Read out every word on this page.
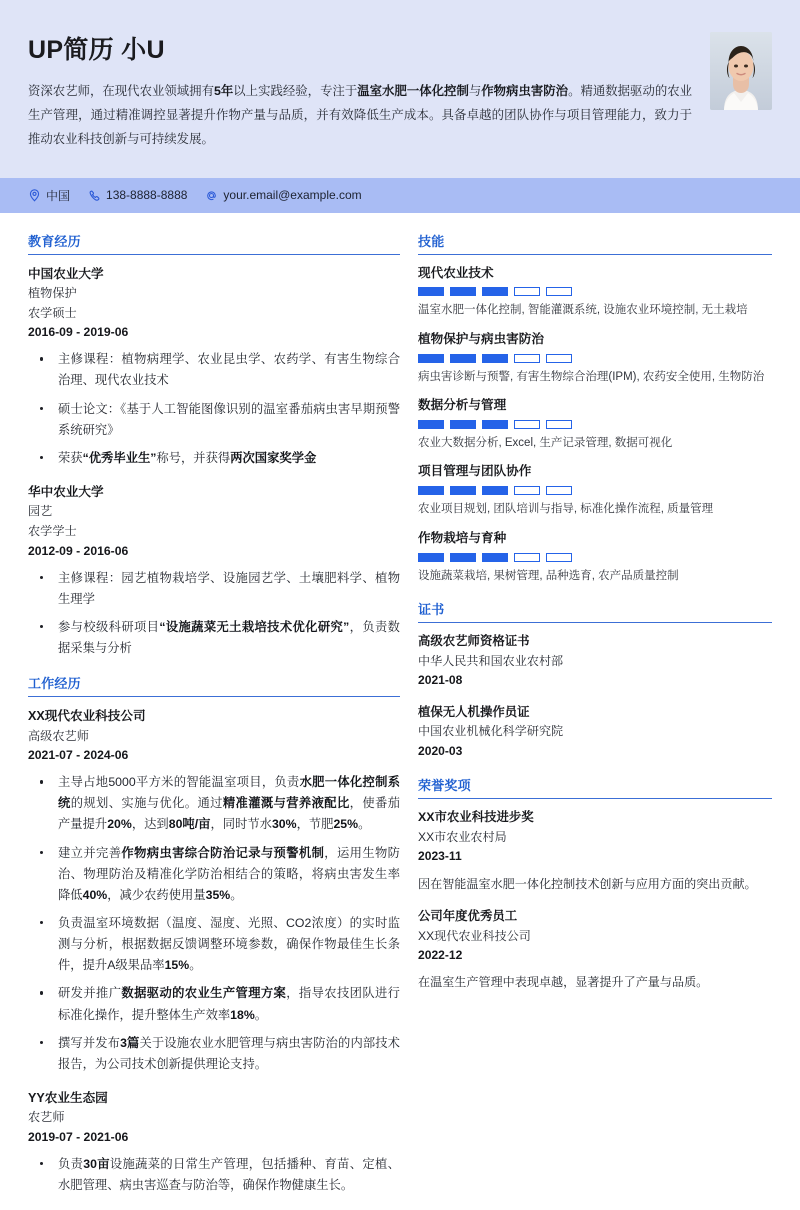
UP简历 小U
资深农艺师，在现代农业领域拥有5年以上实践经验，专注于温室水肥一体化控制与作物病虫害防治。精通数据驱动的农业生产管理，通过精准调控显著提升作物产量与品质，并有效降低生产成本。具备卓越的团队协作与项目管理能力，致力于推动农业科技创新与可持续发展。
中国	138-8888-8888	your.email@example.com
教育经历
中国农业大学
植物保护
农学硕士
2016-09 - 2019-06
主修课程：植物病理学、农业昆虫学、农药学、有害生物综合治理、现代农业技术
硕士论文：《基于人工智能图像识别的温室番茄病虫害早期预警系统研究》
荣获“优秀毕业生”称号，并获得两次国家奖学金
华中农业大学
园艺
农学学士
2012-09 - 2016-06
主修课程：园艺植物栽培学、设施园艺学、土壤肥料学、植物生理学
参与校级科研项目“设施蔬菜无土栽培技术优化研究”，负责数据采集与分析
工作经历
XX现代农业科技公司
高级农艺师
2021-07 - 2024-06
主导占地5000平方米的智能温室项目，负责水肥一体化控制系统的规划、实施与优化。通过精准灌溉与营养液配比，使番茄产量提升20%，达到80吨/亩，同时节水30%，节肥25%。
建立并完善作物病虫害综合防治记录与预警机制，运用生物防治、物理防治及精准化学防治相结合的策略，将病虫害发生率降低40%，减少农药使用量35%。
负责温室环境数据（温度、湿度、光照、CO2浓度）的实时监测与分析，根据数据反馈调整环境参数，确保作物最佳生长条件，提升A级果品率15%。
研发并推广数据驱动的农业生产管理方案，指导农技团队进行标准化操作，提升整体生产效率18%。
撰写并发布3篇关于设施农业水肥管理与病虫害防治的内部技术报告，为公司技术创新提供理论支持。
YY农业生态园
农艺师
2019-07 - 2021-06
负责30亩设施蔬菜的日常生产管理，包括播种、育苗、定植、水肥管理、病虫害巡查与防治等，确保作物健康生长。
技能
现代农业技术
温室水肥一体化控制, 智能灌溉系统, 设施农业环境控制, 无土栽培
植物保护与病虫害防治
病虫害诊断与预警, 有害生物综合治理(IPM), 农药安全使用, 生物防治
数据分析与管理
农业大数据分析, Excel, 生产记录管理, 数据可视化
项目管理与团队协作
农业项目规划, 团队培训与指导, 标准化操作流程, 质量管理
作物栽培与育种
设施蔬菜栽培, 果树管理, 品种选育, 农产品质量控制
证书
高级农艺师资格证书
中华人民共和国农业农村部
2021-08
植保无人机操作员证
中国农业机械化科学研究院
2020-03
荣誉奖项
XX市农业科技进步奖
XX市农业农村局
2023-11
因在智能温室水肥一体化控制技术创新与应用方面的突出贡献。
公司年度优秀员工
XX现代农业科技公司
2022-12
在温室生产管理中表现卓越，显著提升了产量与品质。
